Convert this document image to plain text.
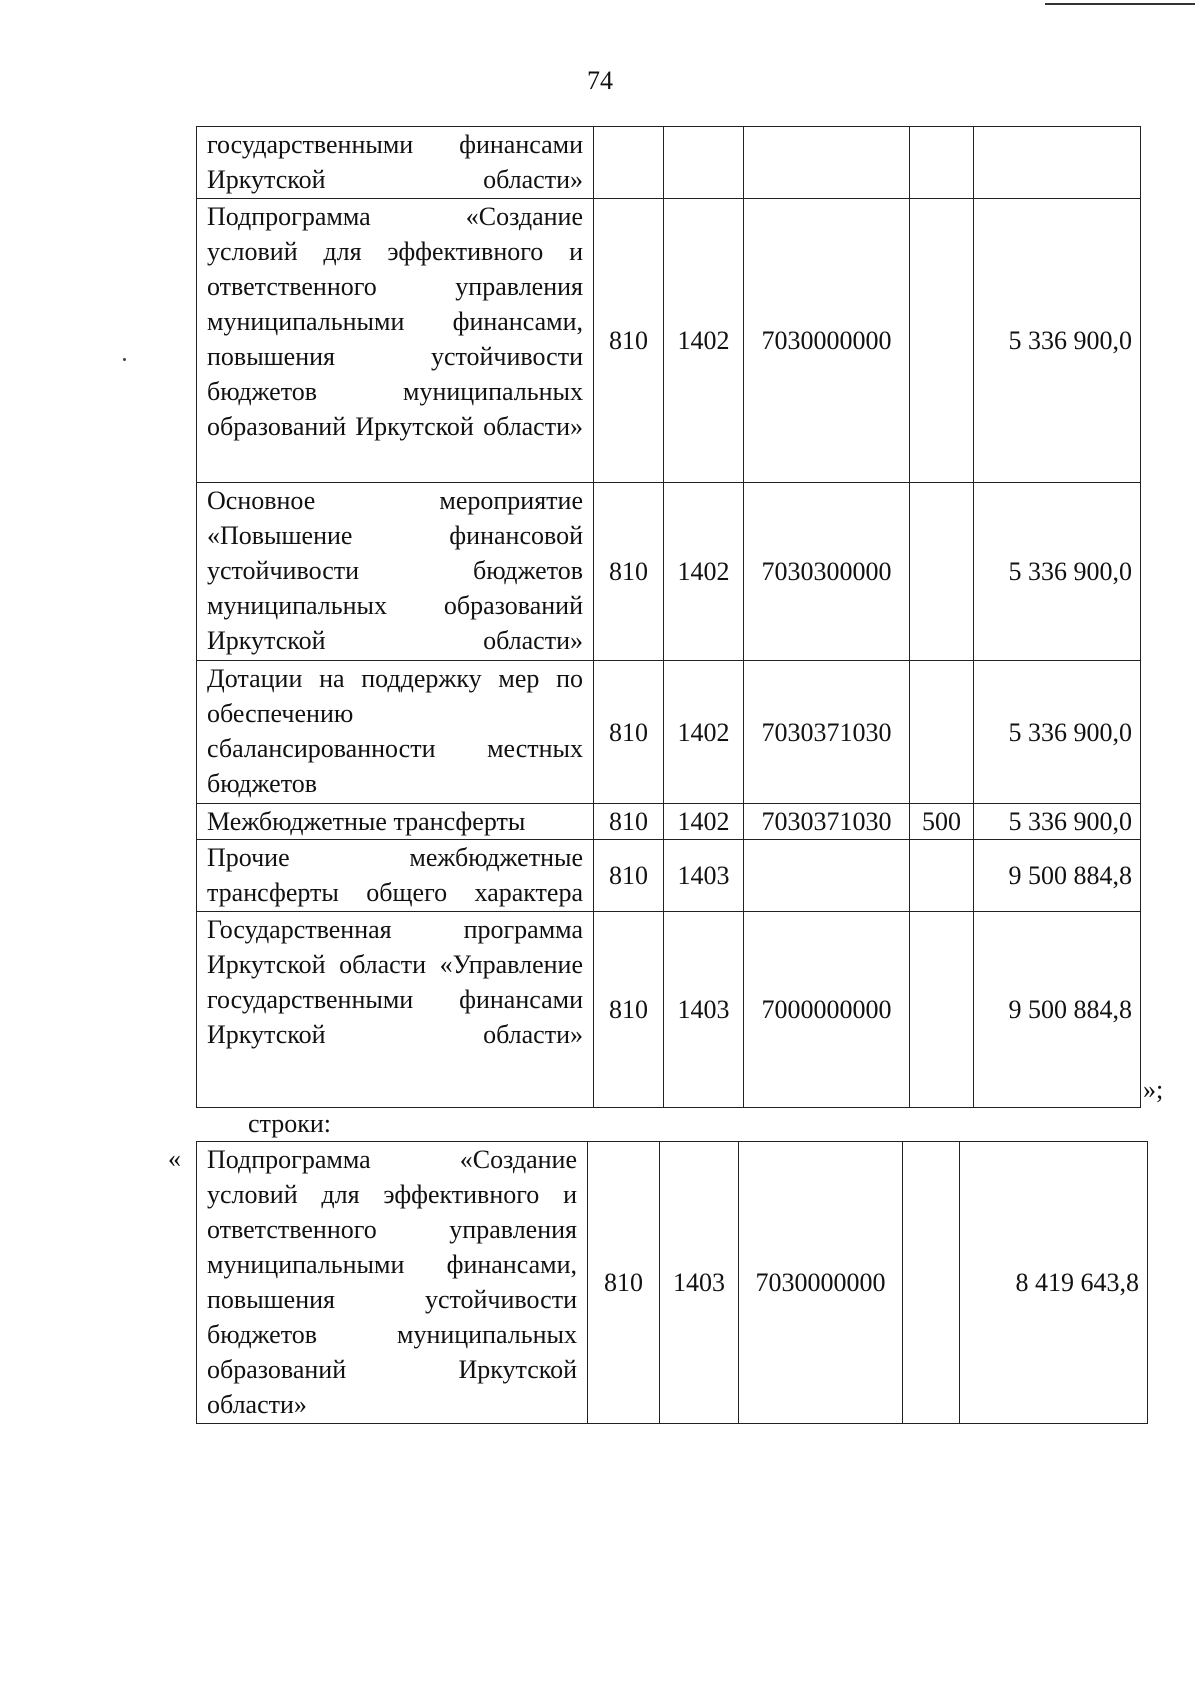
74
государственными финансами Иркутской области»					
Подпрограмма «Создание условий для эффективного и ответственного управления муниципальными финансами, повышения устойчивости бюджетов муниципальных образований Иркутской области»	810	1402	7030000000		5 336 900,0
Основное мероприятие «Повышение финансовой устойчивости бюджетов муниципальных образований Иркутской области»	810	1402	7030300000		5 336 900,0
Дотации на поддержку мер по обеспечению сбалансированности местных бюджетов	810	1402	7030371030		5 336 900,0
Межбюджетные трансферты	810	1402	7030371030	500	5 336 900,0
Прочие межбюджетные трансферты общего характера	810	1403			9 500 884,8
Государственная программа Иркутской области «Управление государственными финансами Иркутской области»	810	1403	7000000000		9 500 884,8
»;
строки:
« Подпрограмма «Создание условий для эффективного и ответственного управления муниципальными финансами, повышения устойчивости бюджетов муниципальных образований Иркутской области»	810	1403	7030000000		8 419 643,8
